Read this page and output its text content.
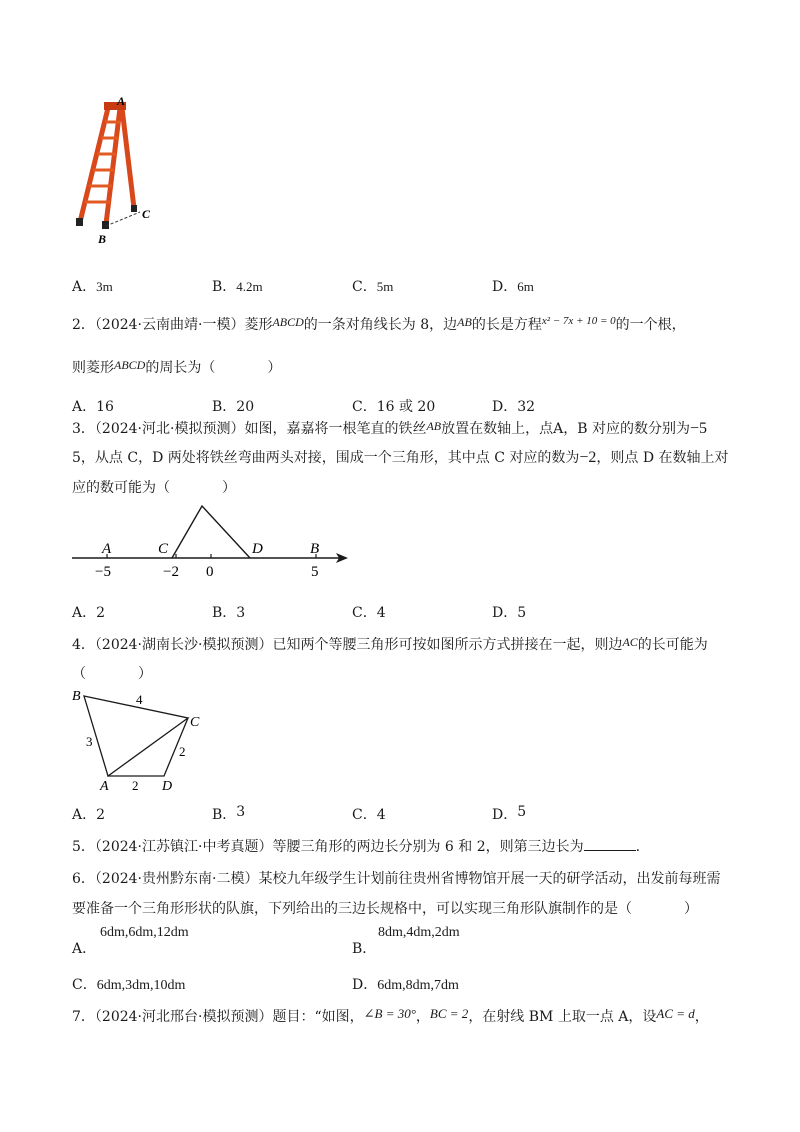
A
C
B
A．3m	B．4.2m	C．5m	D．6m
2．（2024·云南曲靖·一模）菱形ABCD的一条对角线长为 8，边AB的长是方程$^{x^2 - 7x + 10 = 0}$的一个根，
则菱形ABCD的周长为（	）
A．16	B．20	C．16 或 20	D．32
3．（2024·河北·模拟预测）如图，嘉嘉将一根笔直的铁丝AB放置在数轴上，点A，B 对应的数分别为−5
5，从点 C，D 两处将铁丝弯曲两头对接，围成一个三角形，其中点 C 对应的数为−2，则点 D 在数轴上对
应的数可能为（	）
A	C	D	B
−5	−2 0	5
A．2	B．3	C．4	D．5
4．（2024·湖南长沙·模拟预测）已知两个等腰三角形可按如图所示方式拼接在一起，则边AC的长可能为
（	）
B
C
A	D
4
3
2
2
A．2	B．3	C．4	D．5
5．（2024·江苏镇江·中考真题）等腰三角形的两边长分别为 6 和 2，则第三边长为	.
6．（2024·贵州黔东南·二模）某校九年级学生计划前往贵州省博物馆开展一天的研学活动，出发前每班需
要准备一个三角形形状的队旗，下列给出的三边长规格中，可以实现三角形队旗制作的是（	）
A．
6dm,6dm,12dm
B．
8dm,4dm,2dm
C．6dm,3dm,10dm	D．6dm,8dm,7dm
7．（2024·河北邢台·模拟预测）题目：“如图，∠B = 30°，BC = 2，在射线 BM 上取一点 A，设AC = d，
